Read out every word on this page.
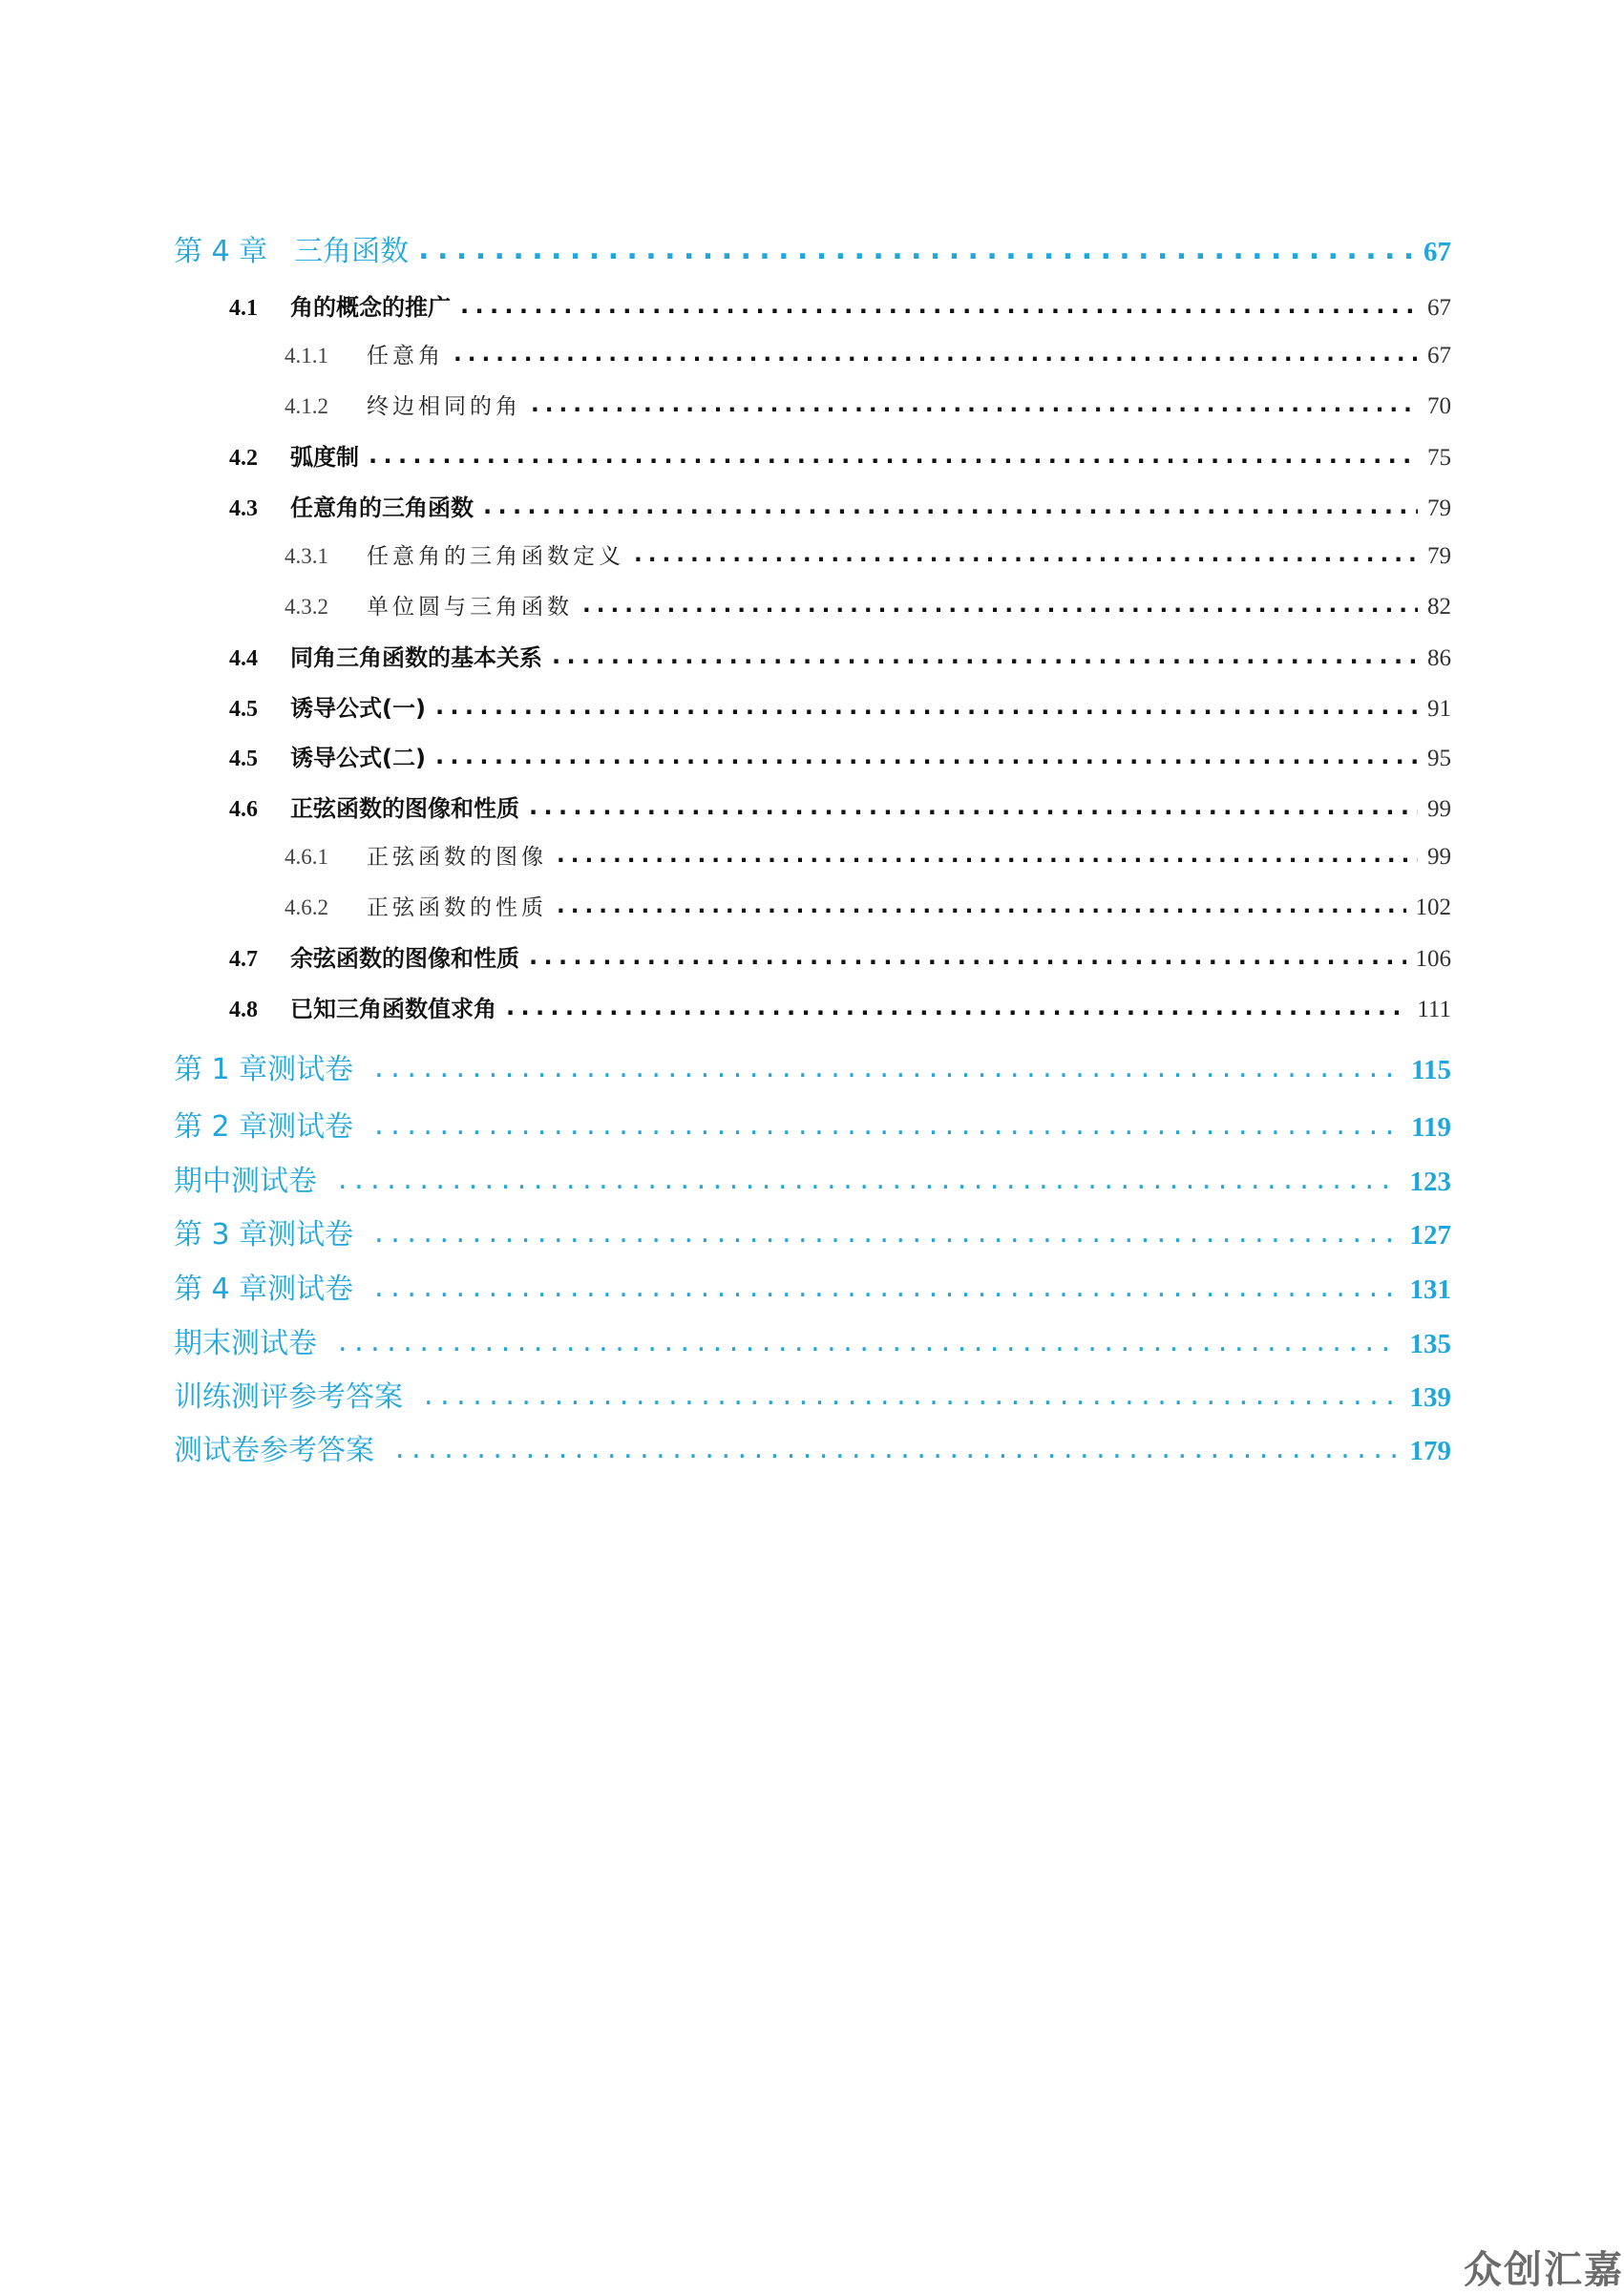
第 4 章 三角函数 . . .	67
4.1	角的概念的推广 . . .	67
4.1.1	任意角 . . .	67
4.1.2	终边相同的角 . . .	70
4.2	弧度制 . . .	75
4.3	任意角的三角函数 . . .	79
4.3.1	任意角的三角函数定义 . . .	79
4.3.2	单位圆与三角函数 . . .	82
4.4	同角三角函数的基本关系 . . .	86
4.5	诱导公式(一) . . .	91
4.5	诱导公式(二) . . .	95
4.6	正弦函数的图像和性质 . . .	99
4.6.1	正弦函数的图像 . . .	99
4.6.2	正弦函数的性质 . . .	102
4.7	余弦函数的图像和性质 . . .	106
4.8	已知三角函数值求角 . . .	111
第 1 章测试卷 . . .	115
第 2 章测试卷 . . .	119
期中测试卷 . . .	123
第 3 章测试卷 . . .	127
第 4 章测试卷 . . .	131
期末测试卷 . . .	135
训练测评参考答案 . . .	139
测试卷参考答案 . . .	179
众创汇嘉
